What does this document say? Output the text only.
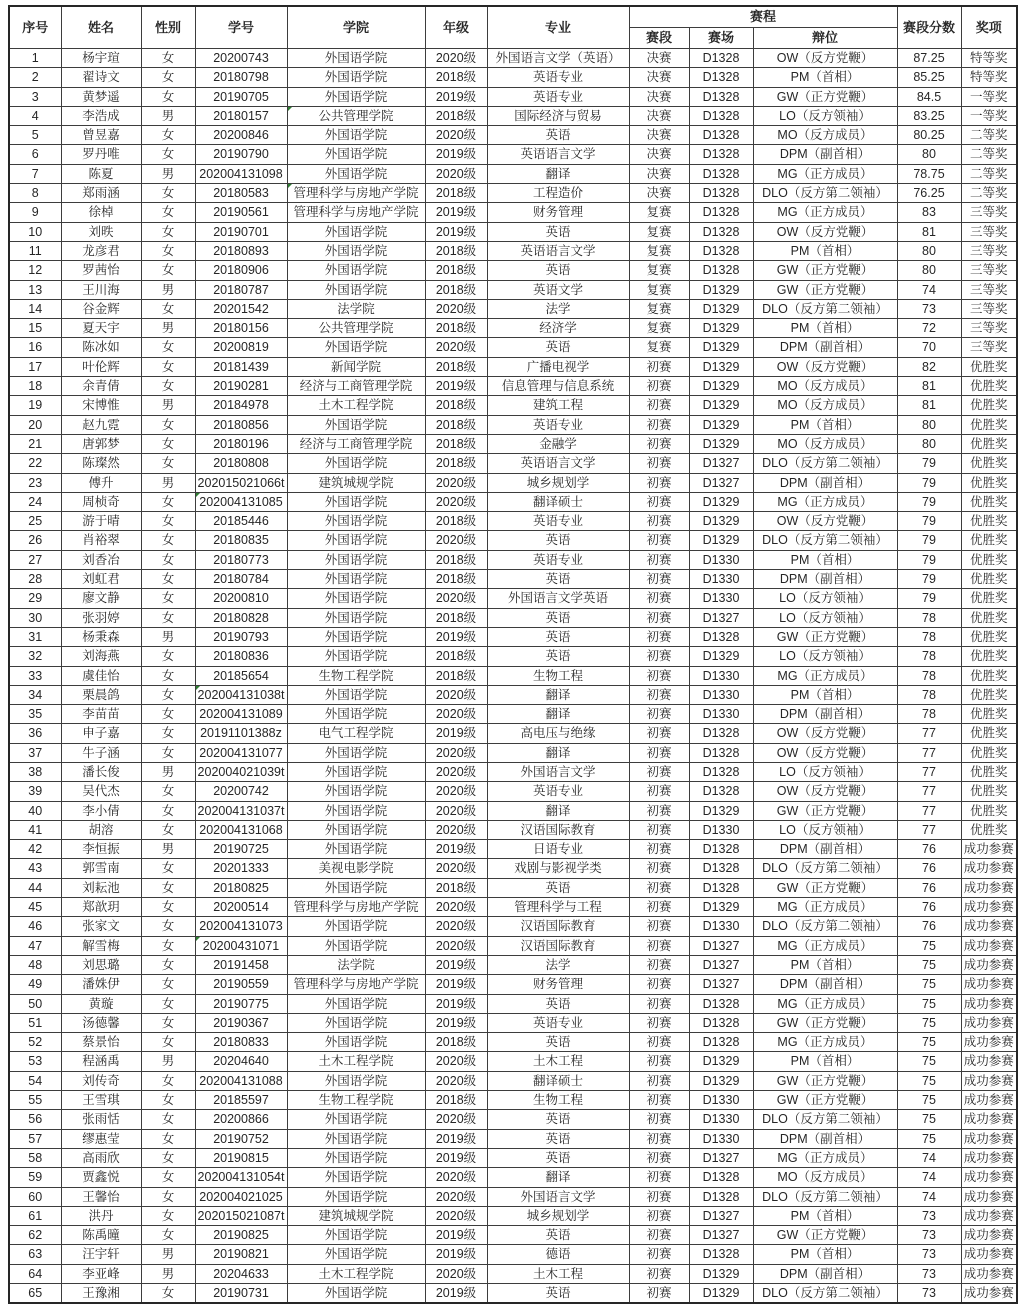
序号	姓名	性别	学号	学院	年级	专业	赛程			赛段分数	奖项
							赛段	赛场	辩位		
1	杨宇瑄	女	20200743	外国语学院	2020级	外国语言文学（英语）	决赛	D1328	OW（反方党鞭）	87.25	特等奖
2	翟诗文	女	20180798	外国语学院	2018级	英语专业	决赛	D1328	PM（首相）	85.25	特等奖
3	黄梦遥	女	20190705	外国语学院	2019级	英语专业	决赛	D1328	GW（正方党鞭）	84.5	一等奖
4	李浩成	男	20180157	公共管理学院	2018级	国际经济与贸易	决赛	D1328	LO（反方领袖）	83.25	一等奖
5	曾昱嘉	女	20200846	外国语学院	2020级	英语	决赛	D1328	MO（反方成员）	80.25	二等奖
6	罗丹唯	女	20190790	外国语学院	2019级	英语语言文学	决赛	D1328	DPM（副首相）	80	二等奖
7	陈夏	男	202004131098	外国语学院	2020级	翻译	决赛	D1328	MG（正方成员）	78.75	二等奖
8	郑雨涵	女	20180583	管理科学与房地产学院	2018级	工程造价	决赛	D1328	DLO（反方第二领袖）	76.25	二等奖
9	徐棹	女	20190561	管理科学与房地产学院	2019级	财务管理	复赛	D1328	MG（正方成员）	83	三等奖
10	刘昳	女	20190701	外国语学院	2019级	英语	复赛	D1328	OW（反方党鞭）	81	三等奖
11	龙彦君	女	20180893	外国语学院	2018级	英语语言文学	复赛	D1328	PM（首相）	80	三等奖
12	罗茜怡	女	20180906	外国语学院	2018级	英语	复赛	D1328	GW（正方党鞭）	80	三等奖
13	王川海	男	20180787	外国语学院	2018级	英语文学	复赛	D1329	GW（正方党鞭）	74	三等奖
14	谷金辉	女	20201542	法学院	2020级	法学	复赛	D1329	DLO（反方第二领袖）	73	三等奖
15	夏天宇	男	20180156	公共管理学院	2018级	经济学	复赛	D1329	PM（首相）	72	三等奖
16	陈冰如	女	20200819	外国语学院	2020级	英语	复赛	D1329	DPM（副首相）	70	三等奖
17	叶伦辉	女	20181439	新闻学院	2018级	广播电视学	初赛	D1329	OW（反方党鞭）	82	优胜奖
18	余青倩	女	20190281	经济与工商管理学院	2019级	信息管理与信息系统	初赛	D1329	MO（反方成员）	81	优胜奖
19	宋博惟	男	20184978	土木工程学院	2018级	建筑工程	初赛	D1329	MO（反方成员）	81	优胜奖
20	赵九霓	女	20180856	外国语学院	2018级	英语专业	初赛	D1329	PM（首相）	80	优胜奖
21	唐郭梦	女	20180196	经济与工商管理学院	2018级	金融学	初赛	D1329	MO（反方成员）	80	优胜奖
22	陈璨然	女	20180808	外国语学院	2018级	英语语言文学	初赛	D1327	DLO（反方第二领袖）	79	优胜奖
23	傅升	男	202015021066t	建筑城规学院	2020级	城乡规划学	初赛	D1327	DPM（副首相）	79	优胜奖
24	周桢奇	女	202004131085	外国语学院	2020级	翻译硕士	初赛	D1329	MG（正方成员）	79	优胜奖
25	游于晴	女	20185446	外国语学院	2018级	英语专业	初赛	D1329	OW（反方党鞭）	79	优胜奖
26	肖裕翠	女	20180835	外国语学院	2020级	英语	初赛	D1329	DLO（反方第二领袖）	79	优胜奖
27	刘香冶	女	20180773	外国语学院	2018级	英语专业	初赛	D1330	PM（首相）	79	优胜奖
28	刘虹君	女	20180784	外国语学院	2018级	英语	初赛	D1330	DPM（副首相）	79	优胜奖
29	廖文静	女	20200810	外国语学院	2020级	外国语言文学英语	初赛	D1330	LO（反方领袖）	79	优胜奖
30	张羽婷	女	20180828	外国语学院	2018级	英语	初赛	D1327	LO（反方领袖）	78	优胜奖
31	杨秉森	男	20190793	外国语学院	2019级	英语	初赛	D1328	GW（正方党鞭）	78	优胜奖
32	刘海燕	女	20180836	外国语学院	2018级	英语	初赛	D1329	LO（反方领袖）	78	优胜奖
33	虞佳怡	女	20185654	生物工程学院	2018级	生物工程	初赛	D1330	MG（正方成员）	78	优胜奖
34	栗晨鸽	女	202004131038t	外国语学院	2020级	翻译	初赛	D1330	PM（首相）	78	优胜奖
35	李苗苗	女	202004131089	外国语学院	2020级	翻译	初赛	D1330	DPM（副首相）	78	优胜奖
36	申子嘉	女	20191101388z	电气工程学院	2019级	高电压与绝缘	初赛	D1328	OW（反方党鞭）	77	优胜奖
37	牛子涵	女	202004131077	外国语学院	2020级	翻译	初赛	D1328	OW（反方党鞭）	77	优胜奖
38	潘长俊	男	202004021039t	外国语学院	2020级	外国语言文学	初赛	D1328	LO（反方领袖）	77	优胜奖
39	吴代杰	女	20200742	外国语学院	2020级	英语专业	初赛	D1328	OW（反方党鞭）	77	优胜奖
40	李小倩	女	202004131037t	外国语学院	2020级	翻译	初赛	D1329	GW（正方党鞭）	77	优胜奖
41	胡溶	女	202004131068	外国语学院	2020级	汉语国际教育	初赛	D1330	LO（反方领袖）	77	优胜奖
42	李恒振	男	20190725	外国语学院	2019级	日语专业	初赛	D1328	DPM（副首相）	76	成功参赛
43	郭雪南	女	20201333	美视电影学院	2020级	戏剧与影视学类	初赛	D1328	DLO（反方第二领袖）	76	成功参赛
44	刘耘池	女	20180825	外国语学院	2018级	英语	初赛	D1328	GW（正方党鞭）	76	成功参赛
45	郑歆玥	女	20200514	管理科学与房地产学院	2020级	管理科学与工程	初赛	D1329	MG（正方成员）	76	成功参赛
46	张家文	女	202004131073	外国语学院	2020级	汉语国际教育	初赛	D1330	DLO（反方第二领袖）	76	成功参赛
47	解雪梅	女	20200431071	外国语学院	2020级	汉语国际教育	初赛	D1327	MG（正方成员）	75	成功参赛
48	刘思璐	女	20191458	法学院	2019级	法学	初赛	D1327	PM（首相）	75	成功参赛
49	潘姝伊	女	20190559	管理科学与房地产学院	2019级	财务管理	初赛	D1327	DPM（副首相）	75	成功参赛
50	黄璇	女	20190775	外国语学院	2019级	英语	初赛	D1328	MG（正方成员）	75	成功参赛
51	汤德馨	女	20190367	外国语学院	2019级	英语专业	初赛	D1328	GW（正方党鞭）	75	成功参赛
52	蔡景怡	女	20180833	外国语学院	2018级	英语	初赛	D1328	MG（正方成员）	75	成功参赛
53	程涵禹	男	20204640	土木工程学院	2020级	土木工程	初赛	D1329	PM（首相）	75	成功参赛
54	刘传奇	女	202004131088	外国语学院	2020级	翻译硕士	初赛	D1329	GW（正方党鞭）	75	成功参赛
55	王雪琪	女	20185597	生物工程学院	2018级	生物工程	初赛	D1330	GW（正方党鞭）	75	成功参赛
56	张雨恬	女	20200866	外国语学院	2020级	英语	初赛	D1330	DLO（反方第二领袖）	75	成功参赛
57	缪惠莹	女	20190752	外国语学院	2019级	英语	初赛	D1330	DPM（副首相）	75	成功参赛
58	高雨欣	女	20190815	外国语学院	2019级	英语	初赛	D1327	MG（正方成员）	74	成功参赛
59	贾鑫悦	女	202004131054t	外国语学院	2020级	翻译	初赛	D1328	MO（反方成员）	74	成功参赛
60	王馨怡	女	202004021025	外国语学院	2020级	外国语言文学	初赛	D1328	DLO（反方第二领袖）	74	成功参赛
61	洪丹	女	202015021087t	建筑城规学院	2020级	城乡规划学	初赛	D1327	PM（首相）	73	成功参赛
62	陈禹曈	女	20190825	外国语学院	2019级	英语	初赛	D1327	GW（正方党鞭）	73	成功参赛
63	汪宇轩	男	20190821	外国语学院	2019级	德语	初赛	D1328	PM（首相）	73	成功参赛
64	李亚峰	男	20204633	土木工程学院	2020级	土木工程	初赛	D1329	DPM（副首相）	73	成功参赛
65	王豫湘	女	20190731	外国语学院	2019级	英语	初赛	D1329	DLO（反方第二领袖）	73	成功参赛
